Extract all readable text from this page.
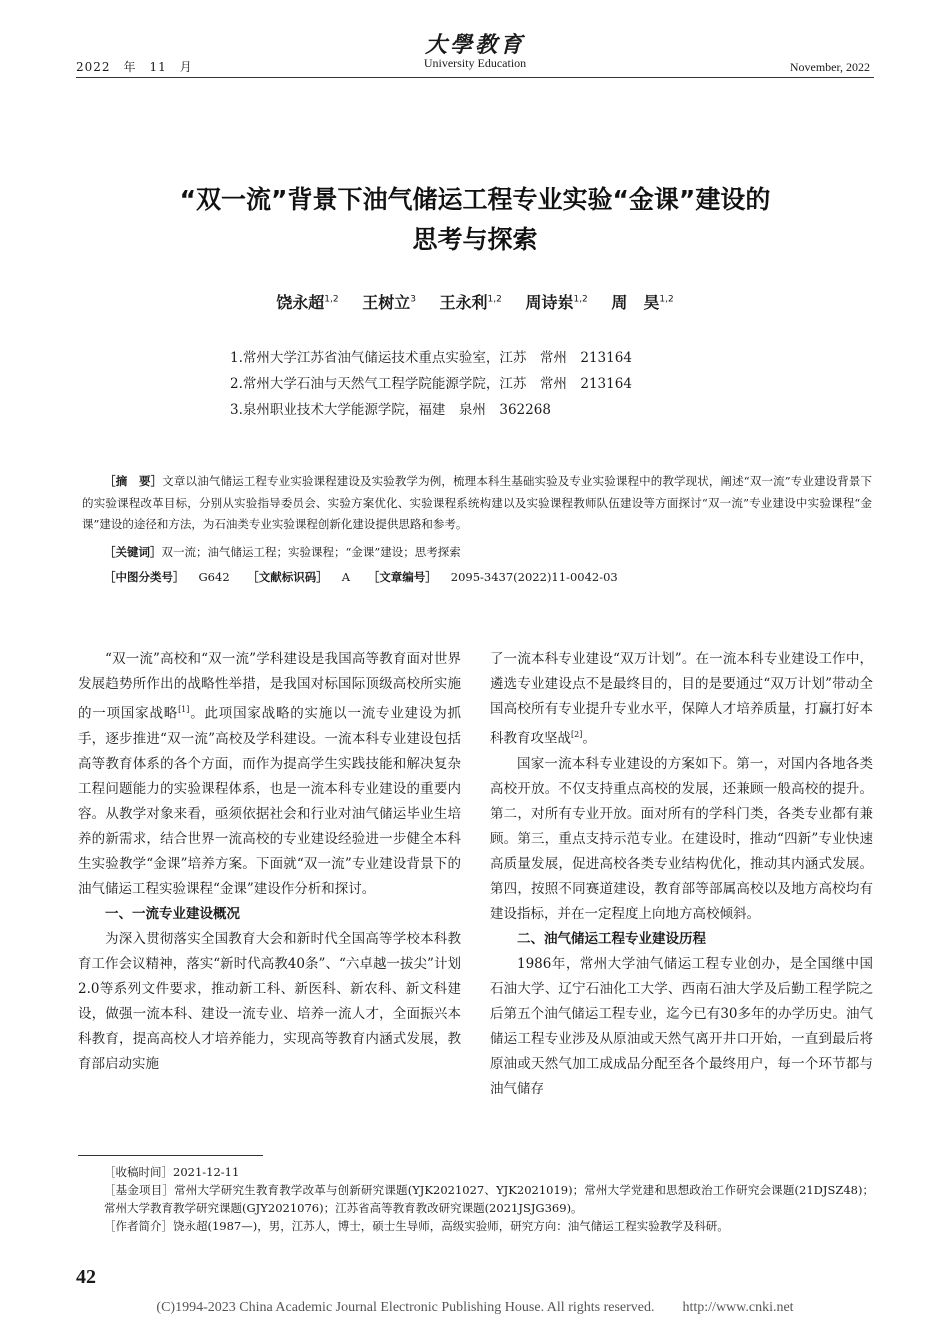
2022　年　11　月
大學教育
University Education	November, 2022
“双一流”背景下油气储运工程专业实验“金课”建设的
思考与探索
饶永超$^{1,2}$ 王树立$^3$ 王永利$^{1,2}$ 周诗岽$^{1,2}$ 周　昊$^{1,2}$
1.常州大学江苏省油气储运技术重点实验室，江苏　常州　213164
2.常州大学石油与天然气工程学院能源学院，江苏　常州　213164
3.泉州职业技术大学能源学院，福建　泉州　362268
［摘　要］文章以油气储运工程专业实验课程建设及实验教学为例，梳理本科生基础实验及专业实验课程中的教学现状，阐述“双一流”专业建设背景下的实验课程改革目标，分别从实验指导委员会、实验方案优化、实验课程系统构建以及实验课程教师队伍建设等方面探讨“双一流”专业建设中实验课程“金课”建设的途径和方法，为石油类专业实验课程创新化建设提供思路和参考。
［关键词］双一流；油气储运工程；实验课程；“金课”建设；思考探索
［中图分类号］ G642 ［文献标识码］ A ［文章编号］ 2095-3437(2022)11-0042-03

“双一流”高校和“双一流”学科建设是我国高等教育面对世界发展趋势所作出的战略性举措，是我国对标国际顶级高校所实施的一项国家战略[1]。此项国家战略的实施以一流专业建设为抓手，逐步推进“双一流”高校及学科建设。一流本科专业建设包括高等教育体系的各个方面，而作为提高学生实践技能和解决复杂工程问题能力的实验课程体系，也是一流本科专业建设的重要内容。从教学对象来看，亟须依据社会和行业对油气储运毕业生培养的新需求，结合世界一流高校的专业建设经验进一步健全本科生实验教学“金课”培养方案。下面就“双一流”专业建设背景下的油气储运工程实验课程“金课”建设作分析和探讨。

一、一流专业建设概况

为深入贯彻落实全国教育大会和新时代全国高等学校本科教育工作会议精神，落实“新时代高教40条”、“六卓越一拔尖”计划2.0等系列文件要求，推动新工科、新医科、新农科、新文科建设，做强一流本科、建设一流专业、培养一流人才，全面振兴本科教育，提高高校人才培养能力，实现高等教育内涵式发展，教育部启动实施

了一流本科专业建设“双万计划”。在一流本科专业建设工作中，遴选专业建设点不是最终目的，目的是要通过“双万计划”带动全国高校所有专业提升专业水平，保障人才培养质量，打赢打好本科教育攻坚战[2]。

国家一流本科专业建设的方案如下。第一，对国内各地各类高校开放。不仅支持重点高校的发展，还兼顾一般高校的提升。第二，对所有专业开放。面对所有的学科门类，各类专业都有兼顾。第三，重点支持示范专业。在建设时，推动“四新”专业快速高质量发展，促进高校各类专业结构优化，推动其内涵式发展。第四，按照不同赛道建设，教育部等部属高校以及地方高校均有建设指标，并在一定程度上向地方高校倾斜。

二、油气储运工程专业建设历程

1986年，常州大学油气储运工程专业创办，是全国继中国石油大学、辽宁石油化工大学、西南石油大学及后勤工程学院之后第五个油气储运工程专业，迄今已有30多年的办学历史。油气储运工程专业涉及从原油或天然气离开井口开始，一直到最后将原油或天然气加工成成品分配至各个最终用户，每一个环节都与油气储存

［收稿时间］2021-12-11
［基金项目］常州大学研究生教育教学改革与创新研究课题(YJK2021027、YJK2021019)；常州大学党建和思想政治工作研究会课题(21DJSZ48)；常州大学教育教学研究课题(GJY2021076)；江苏省高等教育教改研究课题(2021JSJG369)。
［作者简介］饶永超(1987—)，男，江苏人，博士，硕士生导师，高级实验师，研究方向：油气储运工程实验教学及科研。
42
(C)1994-2023 China Academic Journal Electronic Publishing House. All rights reserved.　　http://www.cnki.net
